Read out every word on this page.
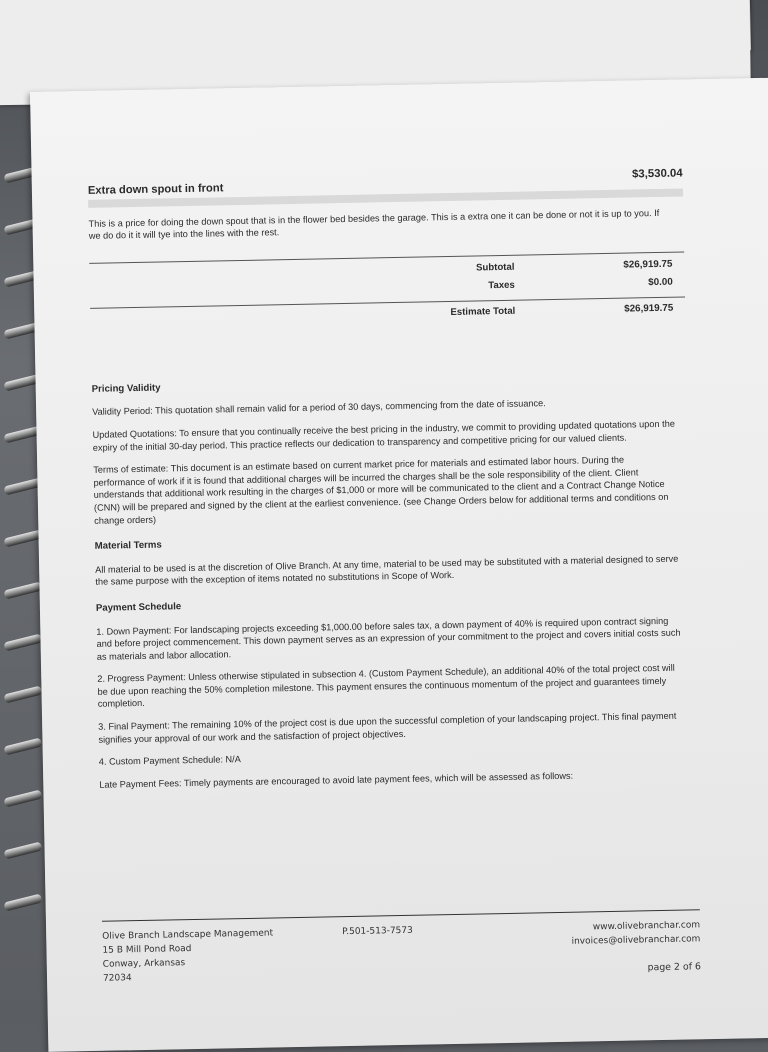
Extra down spout in front
$3,530.04
This is a price for doing the down spout that is in the flower bed besides the garage. This is a extra one it can be done or not it is up to you. If we do do it it will tye into the lines with the rest.
Subtotal	$26,919.75
Taxes	$0.00
Estimate Total	$26,919.75
Pricing Validity
Validity Period: This quotation shall remain valid for a period of 30 days, commencing from the date of issuance.
Updated Quotations: To ensure that you continually receive the best pricing in the industry, we commit to providing updated quotations upon the expiry of the initial 30-day period. This practice reflects our dedication to transparency and competitive pricing for our valued clients.
Terms of estimate: This document is an estimate based on current market price for materials and estimated labor hours. During the performance of work if it is found that additional charges will be incurred the charges shall be the sole responsibility of the client. Client understands that additional work resulting in the charges of $1,000 or more will be communicated to the client and a Contract Change Notice (CNN) will be prepared and signed by the client at the earliest convenience. (see Change Orders below for additional terms and conditions on change orders)
Material Terms
All material to be used is at the discretion of Olive Branch. At any time, material to be used may be substituted with a material designed to serve the same purpose with the exception of items notated no substitutions in Scope of Work.
Payment Schedule
1. Down Payment: For landscaping projects exceeding $1,000.00 before sales tax, a down payment of 40% is required upon contract signing and before project commencement. This down payment serves as an expression of your commitment to the project and covers initial costs such as materials and labor allocation.
2. Progress Payment: Unless otherwise stipulated in subsection 4. (Custom Payment Schedule), an additional 40% of the total project cost will be due upon reaching the 50% completion milestone. This payment ensures the continuous momentum of the project and guarantees timely completion.
3. Final Payment: The remaining 10% of the project cost is due upon the successful completion of your landscaping project. This final payment signifies your approval of our work and the satisfaction of project objectives.
4. Custom Payment Schedule: N/A
Late Payment Fees: Timely payments are encouraged to avoid late payment fees, which will be assessed as follows:
Olive Branch Landscape Management
15 B Mill Pond Road
Conway, Arkansas
72034
P.501-513-7573	www.olivebranchar.com
invoices@olivebranchar.com
page 2 of 6
